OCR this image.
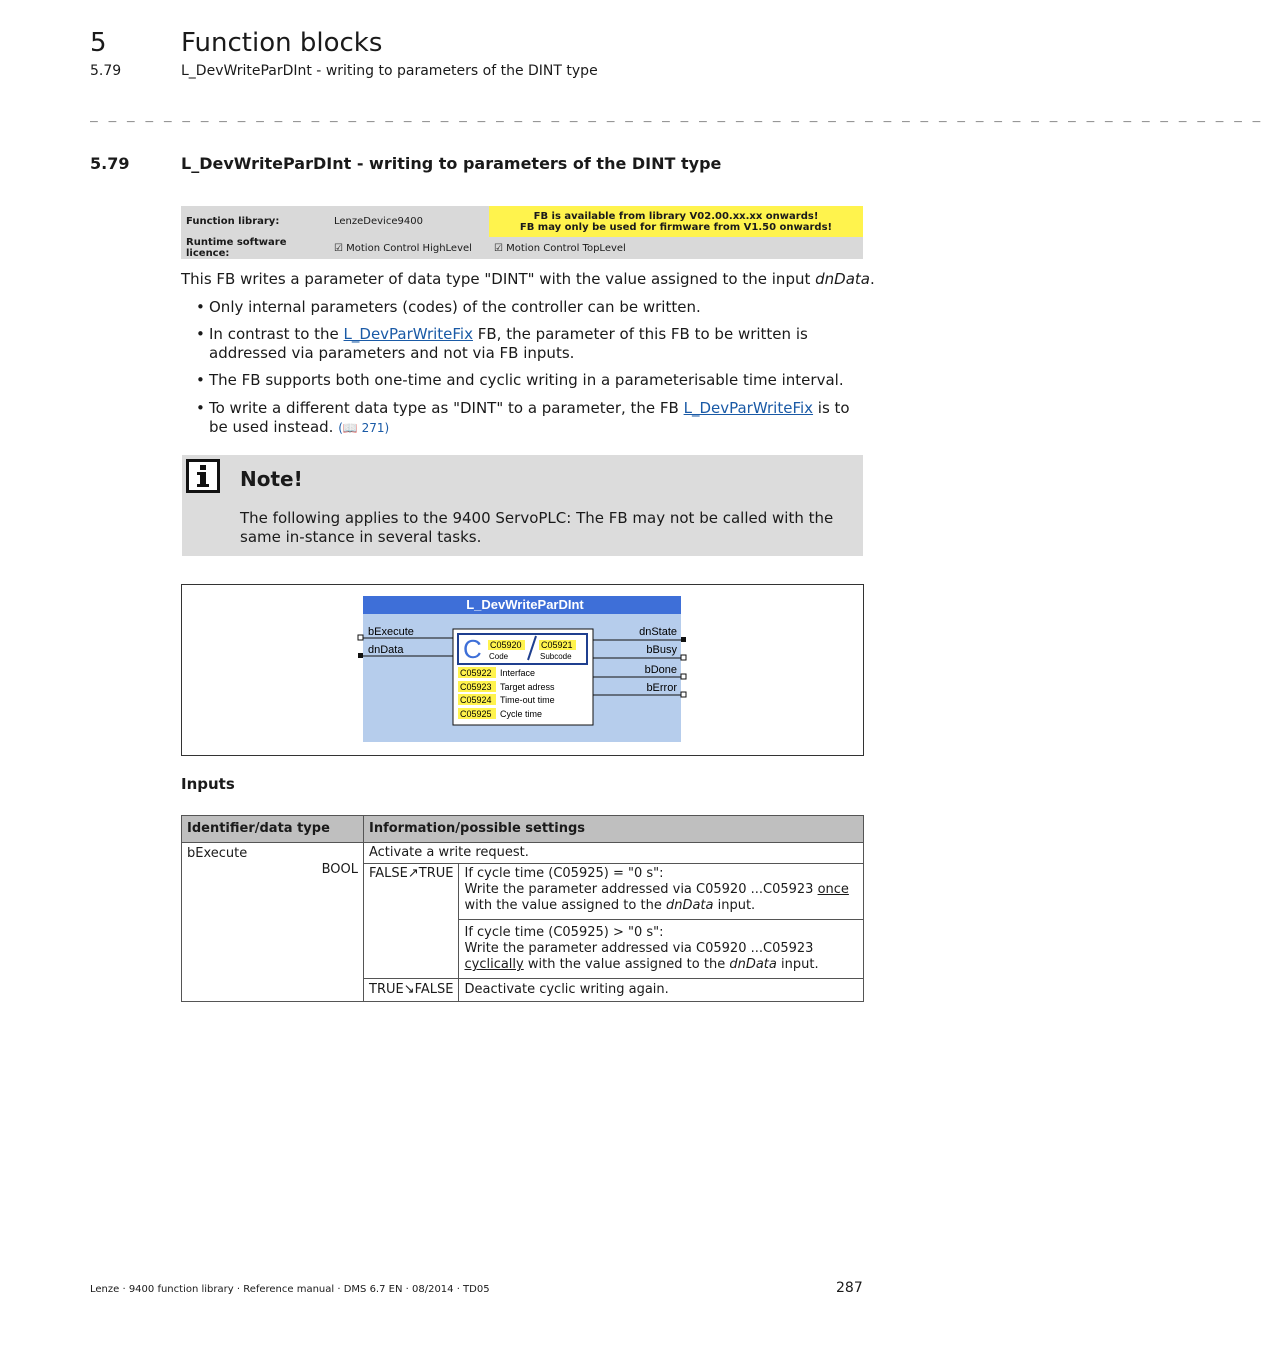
5	Function blocks
5.79	L_DevWriteParDInt - writing to parameters of the DINT type
_ _ _ _ _ _ _ _ _ _ _ _ _ _ _ _ _ _ _ _ _ _ _ _ _ _ _ _ _ _ _ _ _ _ _ _ _ _ _ _ _ _ _ _ _ _ _ _ _ _ _ _ _ _ _ _ _ _ _ _ _ _ _ _
5.79	L_DevWriteParDInt - writing to parameters of the DINT type
Function library:	LenzeDevice9400	FB is available from library V02.00.xx.xx onwards!
FB may only be used for firmware from V1.50 onwards!

Runtime software licence:	☑ Motion Control HighLevel	☑ Motion Control TopLevel
This FB writes a parameter of data type "DINT" with the value assigned to the input dnData.
• Only internal parameters (codes) of the controller can be written.
• In contrast to the L_DevParWriteFix FB, the parameter of this FB to be written is addressed via parameters and not via FB inputs.
• The FB supports both one-time and cyclic writing in a parameterisable time interval.
• To write a different data type as "DINT" to a parameter, the FB L_DevParWriteFix is to be used instead. (📖 271)
Note!
The following applies to the 9400 ServoPLC: The FB may not be called with the same in-stance in several tasks.
L_DevWriteParDInt
bExecute
dnData
dnState
bBusy
bDone
bError
C C05920
Code
C05921
Subcode
C05922 Interface
C05923 Target adress
C05924 Time-out time
C05925 Cycle time
Inputs
Identifier/data type	Information/possible settings	

bExecute
BOOL	Activate a write request.	
	FALSE↗TRUE	If cycle time (C05925) = "0 s":
Write the parameter addressed via C05920 ...C05923 once with the value assigned to the dnData input.

		If cycle time (C05925) > "0 s":
Write the parameter addressed via C05920 ...C05923 cyclically with the value assigned to the dnData input.

	TRUE↘FALSE	Deactivate cyclic writing again.
Lenze · 9400 function library · Reference manual · DMS 6.7 EN · 08/2014 · TD05	287
